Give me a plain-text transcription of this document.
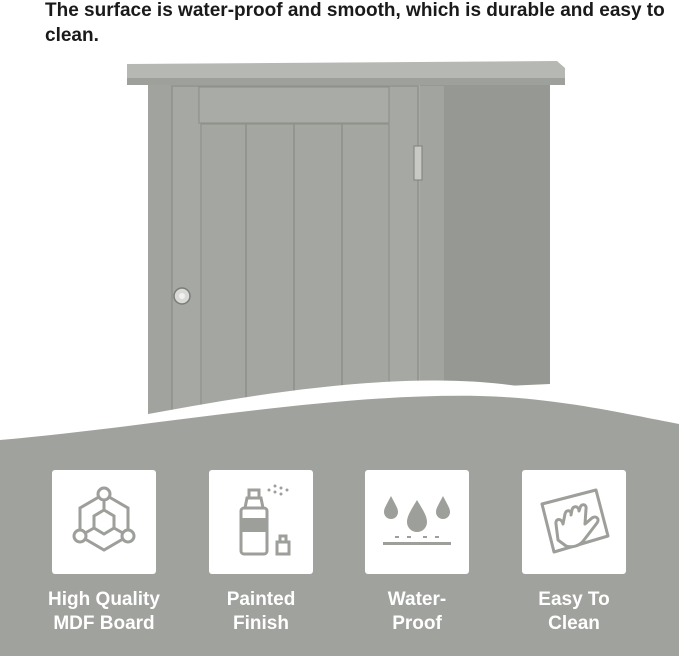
The surface is water-proof and smooth, which is durable and easy to clean.

High Quality
MDF Board
Painted
Finish
Water-
Proof
Easy To
Clean
